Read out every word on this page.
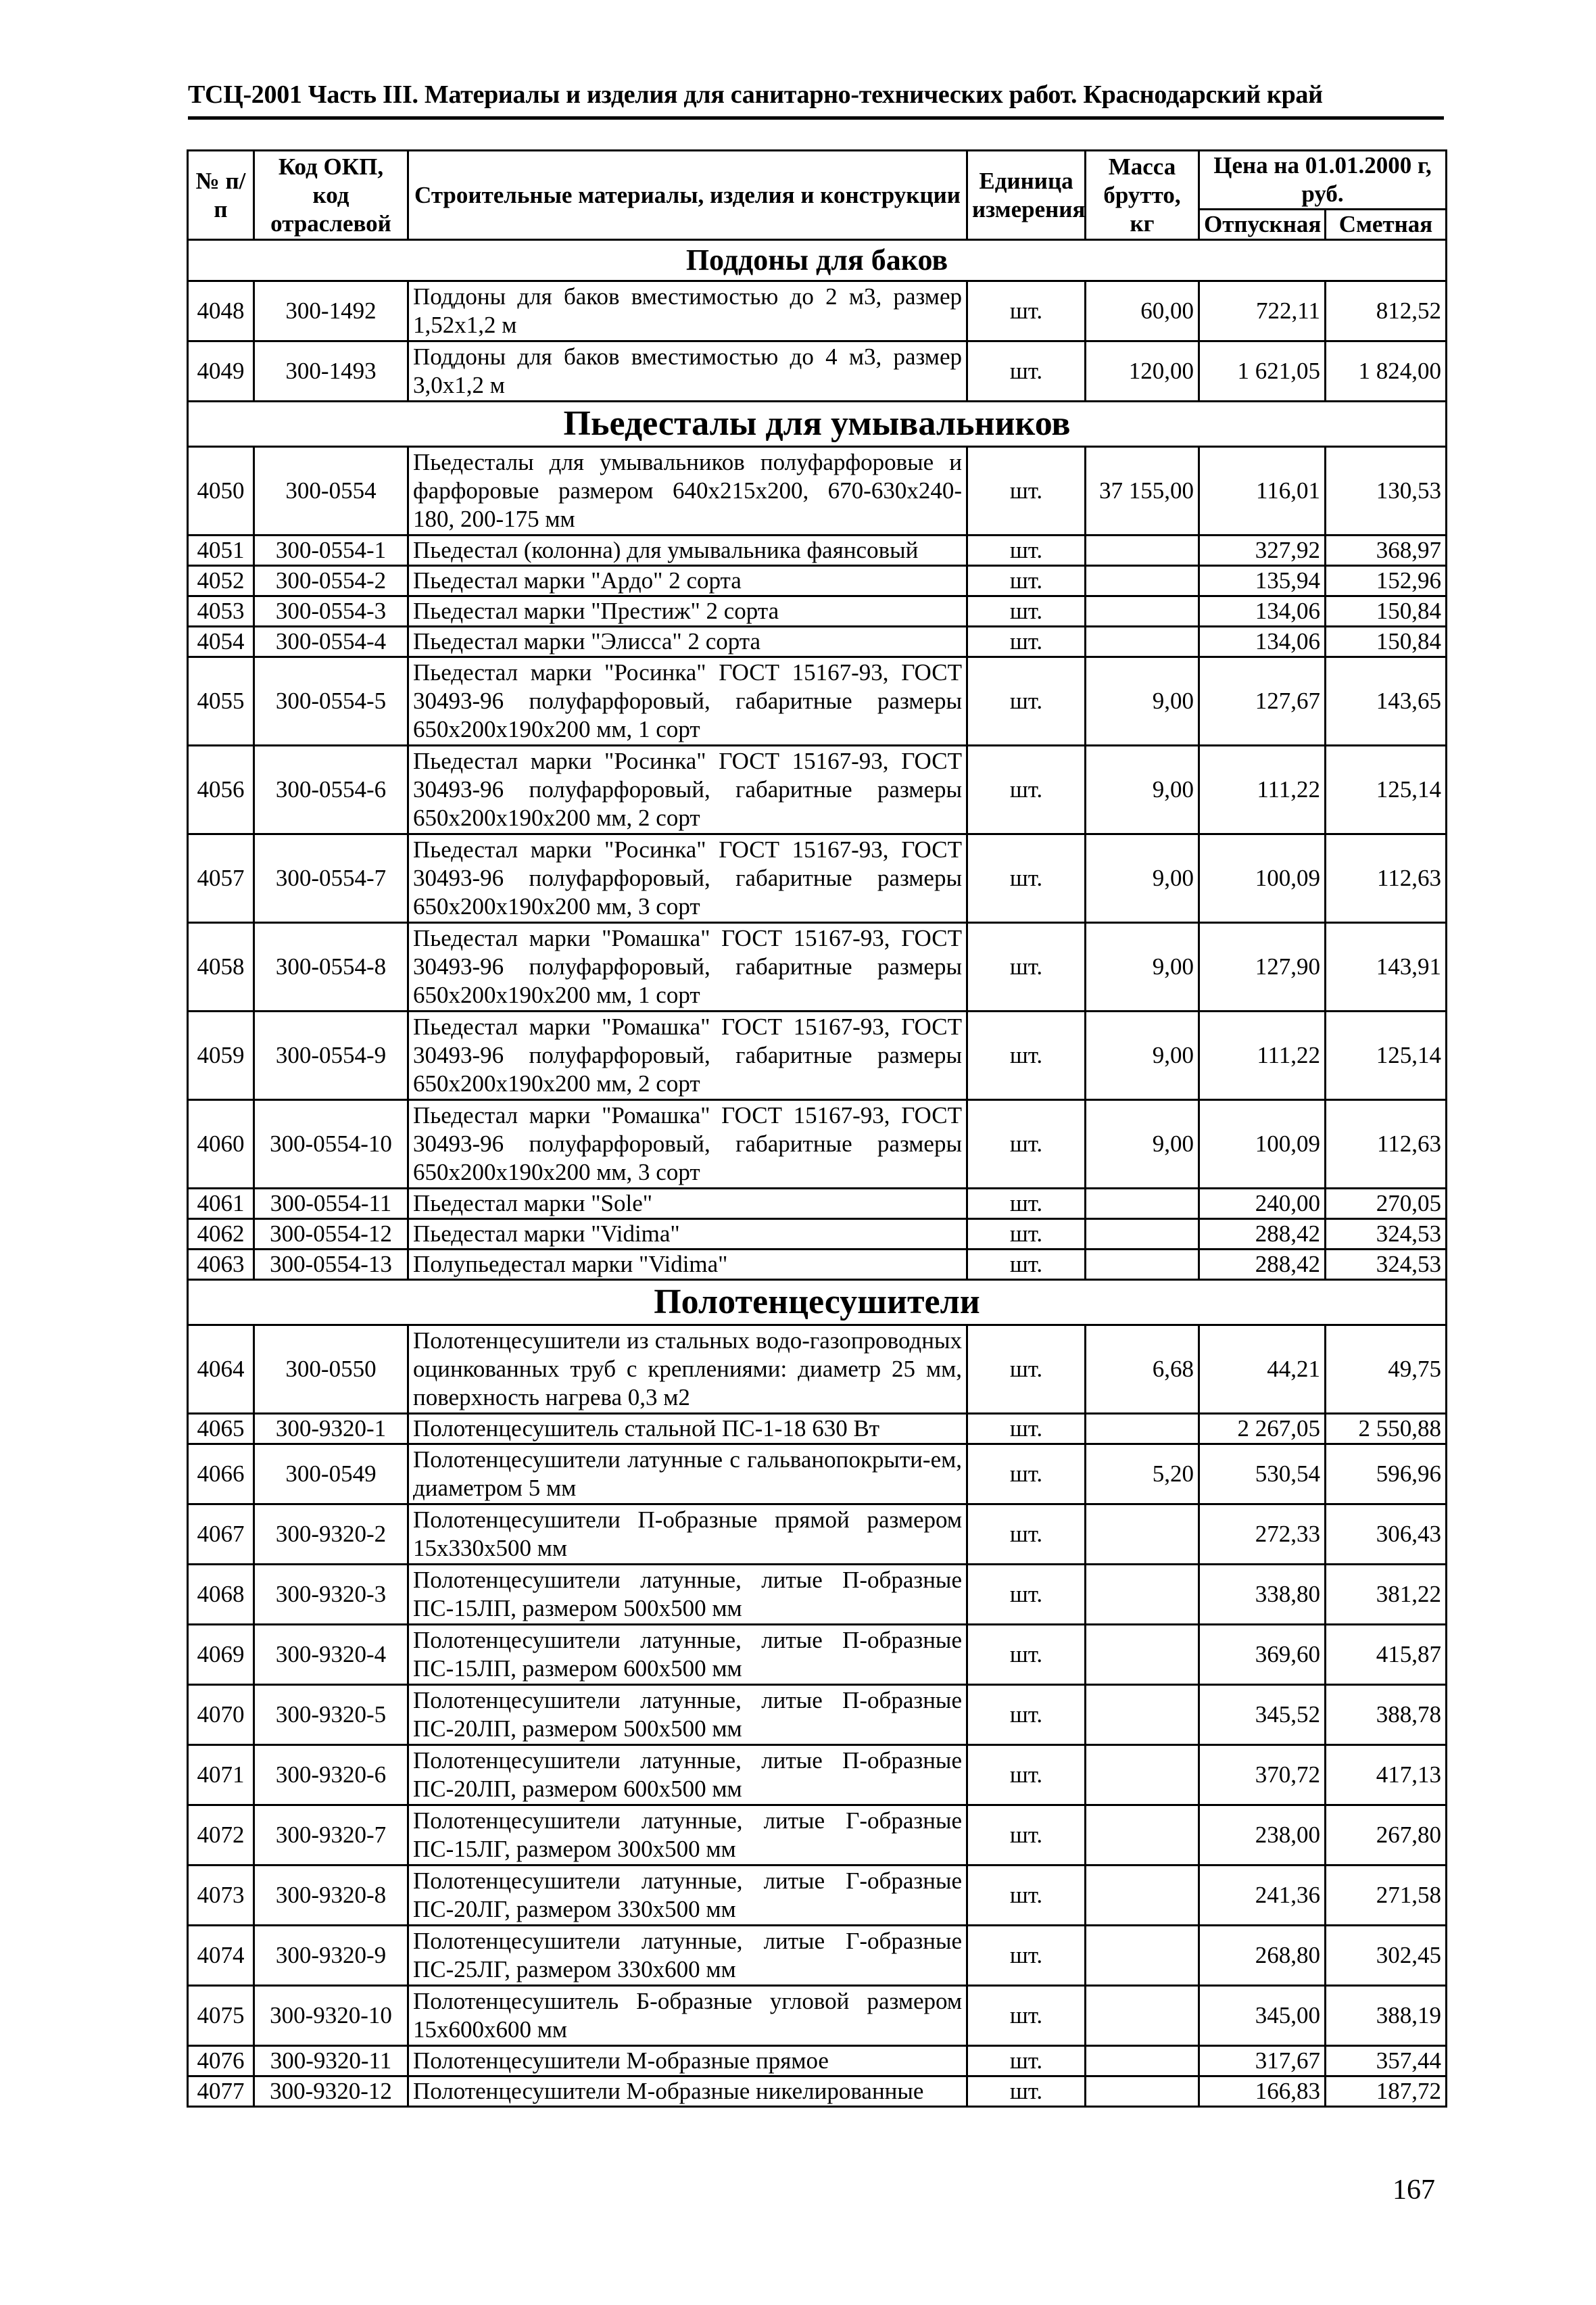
ТСЦ-2001 Часть III. Материалы и изделия для санитарно-технических работ. Краснодарский край
№ п/п	Код ОКП, код отраслевой	Строительные материалы, изделия и конструкции	Единица измерения	Масса брутто, кг	Цена на 01.01.2000 г, руб.	
					Отпускная	Сметная
Поддоны для баков						
4048	300-1492	Поддоны для баков вместимостью до 2 м3, размер 1,52х1,2 м	шт.	60,00	722,11	812,52
4049	300-1493	Поддоны для баков вместимостью до 4 м3, размер 3,0х1,2 м	шт.	120,00	1 621,05	1 824,00
Пьедесталы для умывальников						
4050	300-0554	Пьедесталы для умывальников полуфарфоровые и фарфоровые размером 640х215х200, 670-630х240-180, 200-175 мм	шт.	37 155,00	116,01	130,53
4051	300-0554-1	Пьедестал (колонна) для умывальника фаянсовый	шт.		327,92	368,97
4052	300-0554-2	Пьедестал марки "Ардо" 2 сорта	шт.		135,94	152,96
4053	300-0554-3	Пьедестал марки "Престиж" 2 сорта	шт.		134,06	150,84
4054	300-0554-4	Пьедестал марки "Элисса" 2 сорта	шт.		134,06	150,84
4055	300-0554-5	Пьедестал марки "Росинка" ГОСТ 15167-93, ГОСТ 30493-96 полуфарфоровый, габаритные размеры 650х200х190х200 мм, 1 сорт	шт.	9,00	127,67	143,65
4056	300-0554-6	Пьедестал марки "Росинка" ГОСТ 15167-93, ГОСТ 30493-96 полуфарфоровый, габаритные размеры 650х200х190х200 мм, 2 сорт	шт.	9,00	111,22	125,14
4057	300-0554-7	Пьедестал марки "Росинка" ГОСТ 15167-93, ГОСТ 30493-96 полуфарфоровый, габаритные размеры 650х200х190х200 мм, 3 сорт	шт.	9,00	100,09	112,63
4058	300-0554-8	Пьедестал марки "Ромашка" ГОСТ 15167-93, ГОСТ 30493-96 полуфарфоровый, габаритные размеры 650х200х190х200 мм, 1 сорт	шт.	9,00	127,90	143,91
4059	300-0554-9	Пьедестал марки "Ромашка" ГОСТ 15167-93, ГОСТ 30493-96 полуфарфоровый, габаритные размеры 650х200х190х200 мм, 2 сорт	шт.	9,00	111,22	125,14
4060	300-0554-10	Пьедестал марки "Ромашка" ГОСТ 15167-93, ГОСТ 30493-96 полуфарфоровый, габаритные размеры 650х200х190х200 мм, 3 сорт	шт.	9,00	100,09	112,63
4061	300-0554-11	Пьедестал марки "Sole"	шт.		240,00	270,05
4062	300-0554-12	Пьедестал марки "Vidima"	шт.		288,42	324,53
4063	300-0554-13	Полупьедестал марки "Vidima"	шт.		288,42	324,53
Полотенцесушители						
4064	300-0550	Полотенцесушители из стальных водо-газопроводных оцинкованных труб с креплениями: диаметр 25 мм, поверхность нагрева 0,3 м2	шт.	6,68	44,21	49,75
4065	300-9320-1	Полотенцесушитель стальной ПС-1-18 630 Вт	шт.		2 267,05	2 550,88
4066	300-0549	Полотенцесушители латунные с гальванопокрыти-ем, диаметром 5 мм	шт.	5,20	530,54	596,96
4067	300-9320-2	Полотенцесушители П-образные прямой размером 15х330х500 мм	шт.		272,33	306,43
4068	300-9320-3	Полотенцесушители латунные, литые П-образные ПС-15ЛП, размером 500х500 мм	шт.		338,80	381,22
4069	300-9320-4	Полотенцесушители латунные, литые П-образные ПС-15ЛП, размером 600х500 мм	шт.		369,60	415,87
4070	300-9320-5	Полотенцесушители латунные, литые П-образные ПС-20ЛП, размером 500х500 мм	шт.		345,52	388,78
4071	300-9320-6	Полотенцесушители латунные, литые П-образные ПС-20ЛП, размером 600х500 мм	шт.		370,72	417,13
4072	300-9320-7	Полотенцесушители латунные, литые Г-образные ПС-15ЛГ, размером 300х500 мм	шт.		238,00	267,80
4073	300-9320-8	Полотенцесушители латунные, литые Г-образные ПС-20ЛГ, размером 330х500 мм	шт.		241,36	271,58
4074	300-9320-9	Полотенцесушители латунные, литые Г-образные ПС-25ЛГ, размером 330х600 мм	шт.		268,80	302,45
4075	300-9320-10	Полотенцесушитель Б-образные угловой размером 15х600х600 мм	шт.		345,00	388,19
4076	300-9320-11	Полотенцесушители М-образные прямое	шт.		317,67	357,44
4077	300-9320-12	Полотенцесушители М-образные никелированные	шт.		166,83	187,72
167
